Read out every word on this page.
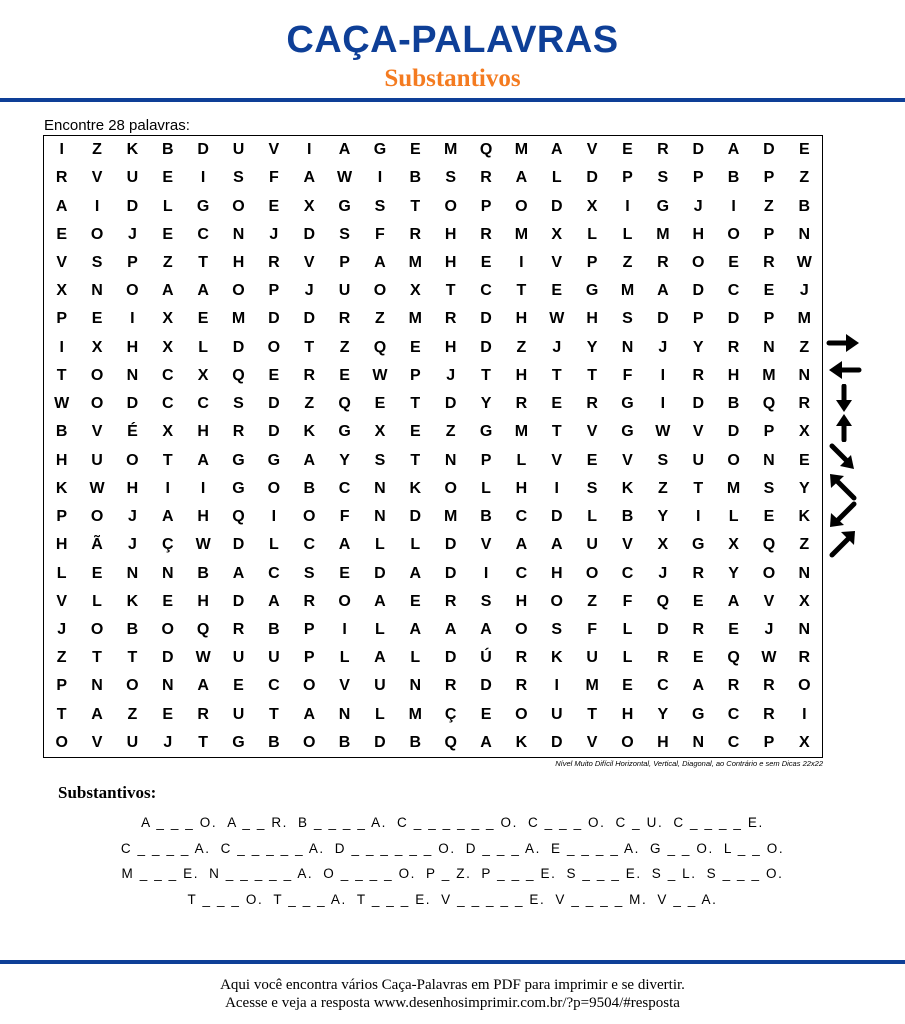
CAÇA-PALAVRAS
Substantivos
Encontre 28 palavras:
I	Z	K	B	D	U	V	I	A	G	E	M	Q	M	A	V	E	R	D	A	D	E
R	V	U	E	I	S	F	A	W	I	B	S	R	A	L	D	P	S	P	B	P	Z
A	I	D	L	G	O	E	X	G	S	T	O	P	O	D	X	I	G	J	I	Z	B
E	O	J	E	C	N	J	D	S	F	R	H	R	M	X	L	L	M	H	O	P	N
V	S	P	Z	T	H	R	V	P	A	M	H	E	I	V	P	Z	R	O	E	R	W
X	N	O	A	A	O	P	J	U	O	X	T	C	T	E	G	M	A	D	C	E	J
P	E	I	X	E	M	D	D	R	Z	M	R	D	H	W	H	S	D	P	D	P	M
I	X	H	X	L	D	O	T	Z	Q	E	H	D	Z	J	Y	N	J	Y	R	N	Z
T	O	N	C	X	Q	E	R	E	W	P	J	T	H	T	T	F	I	R	H	M	N
W	O	D	C	C	S	D	Z	Q	E	T	D	Y	R	E	R	G	I	D	B	Q	R
B	V	É	X	H	R	D	K	G	X	E	Z	G	M	T	V	G	W	V	D	P	X
H	U	O	T	A	G	G	A	Y	S	T	N	P	L	V	E	V	S	U	O	N	E
K	W	H	I	I	G	O	B	C	N	K	O	L	H	I	S	K	Z	T	M	S	Y
P	O	J	A	H	Q	I	O	F	N	D	M	B	C	D	L	B	Y	I	L	E	K
H	Ã	J	Ç	W	D	L	C	A	L	L	D	V	A	A	U	V	X	G	X	Q	Z
L	E	N	N	B	A	C	S	E	D	A	D	I	C	H	O	C	J	R	Y	O	N
V	L	K	E	H	D	A	R	O	A	E	R	S	H	O	Z	F	Q	E	A	V	X
J	O	B	O	Q	R	B	P	I	L	A	A	A	O	S	F	L	D	R	E	J	N
Z	T	T	D	W	U	U	P	L	A	L	D	Ú	R	K	U	L	R	E	Q	W	R
P	N	O	N	A	E	C	O	V	U	N	R	D	R	I	M	E	C	A	R	R	O
T	A	Z	E	R	U	T	A	N	L	M	Ç	E	O	U	T	H	Y	G	C	R	I
O	V	U	J	T	G	B	O	B	D	B	Q	A	K	D	V	O	H	N	C	P	X
Nível Muito Difícil Horizontal, Vertical, Diagonal, ao Contrário e sem Dicas 22x22
Substantivos:
A _ _ _ O. A _ _ R. B _ _ _ _ A. C _ _ _ _ _ _ O. C _ _ _ O. C _ U. C _ _ _ _ E.
C _ _ _ _ A. C _ _ _ _ _ A. D _ _ _ _ _ _ O. D _ _ _ A. E _ _ _ _ A. G _ _ O. L _ _ O.
M _ _ _ E. N _ _ _ _ _ A. O _ _ _ _ O. P _ Z. P _ _ _ E. S _ _ _ E. S _ L. S _ _ _ O.
T _ _ _ O. T _ _ _ A. T _ _ _ E. V _ _ _ _ _ E. V _ _ _ _ M. V _ _ A.
Aqui você encontra vários Caça-Palavras em PDF para imprimir e se divertir.
Acesse e veja a resposta www.desenhosimprimir.com.br/?p=9504/#resposta
